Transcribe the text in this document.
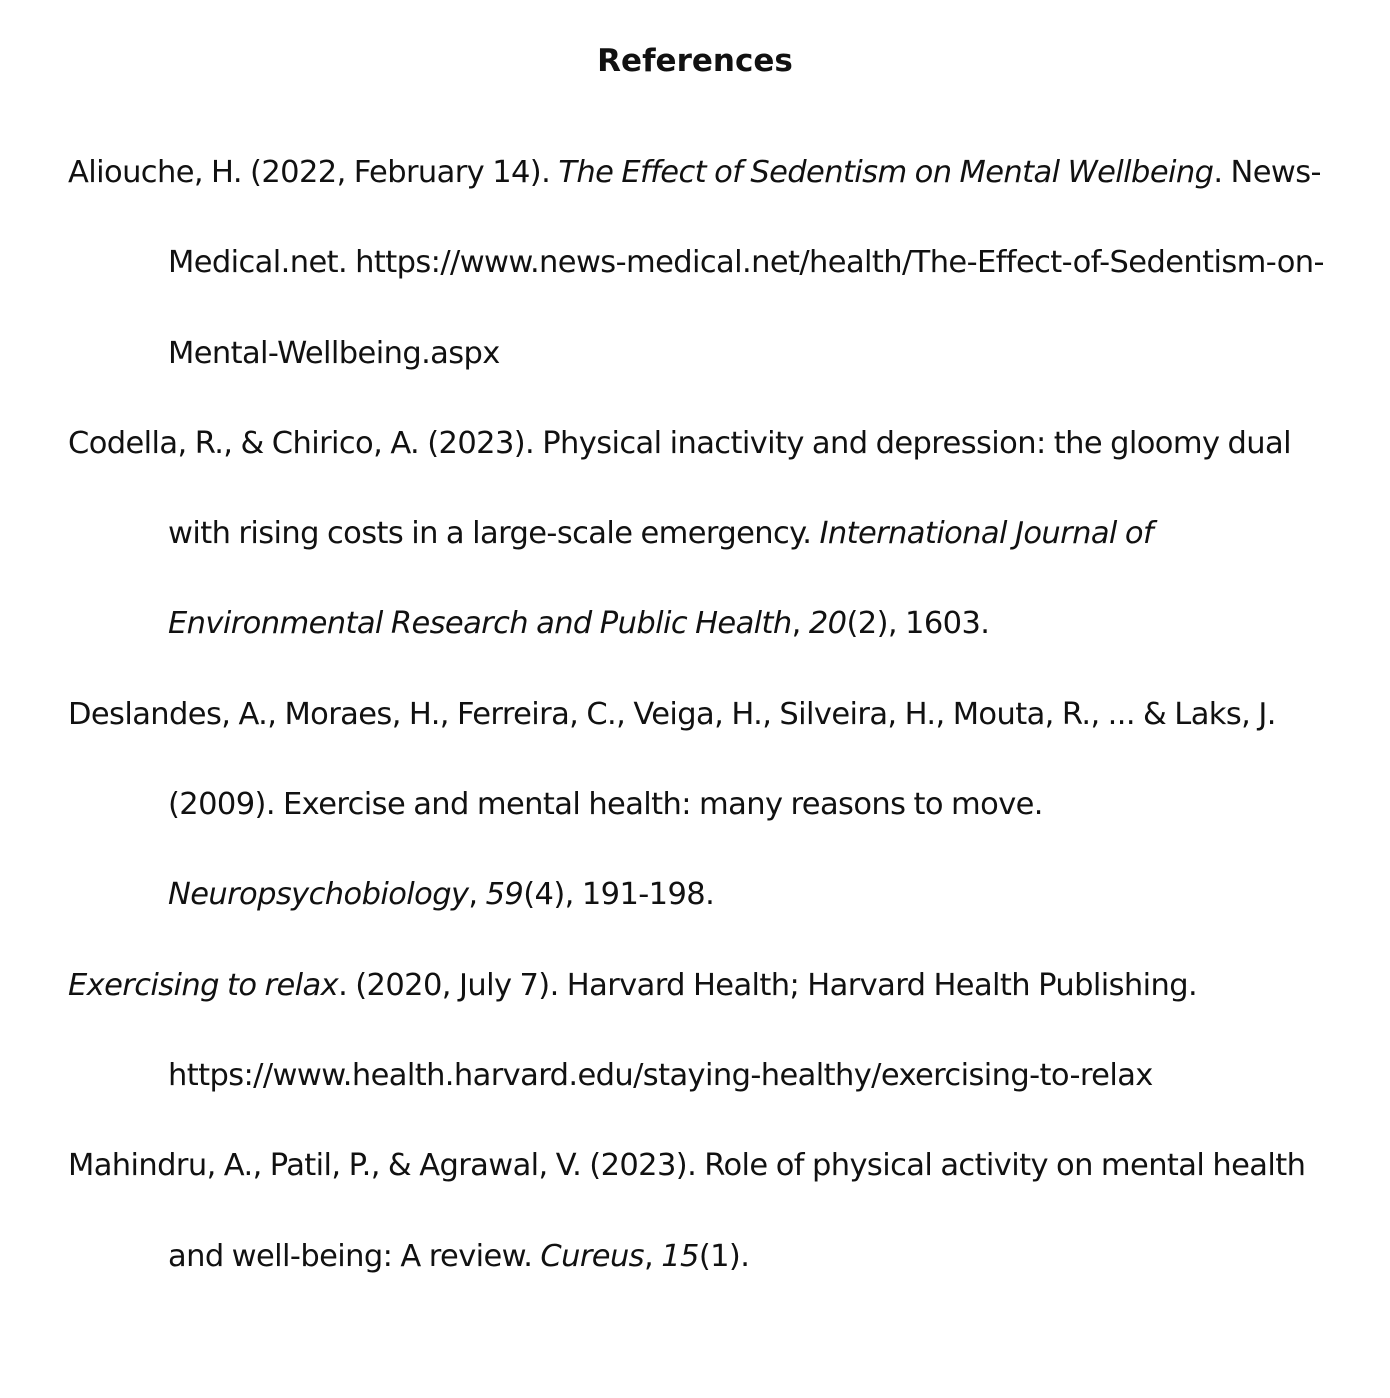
References

Aliouche, H. (2022, February 14). The Effect of Sedentism on Mental Wellbeing. News-Medical.net. https://www.news-medical.net/health/The-Effect-of-Sedentism-on-Mental-Wellbeing.aspx

Codella, R., & Chirico, A. (2023). Physical inactivity and depression: the gloomy dual with rising costs in a large-scale emergency. International Journal of Environmental Research and Public Health, 20(2), 1603.

Deslandes, A., Moraes, H., Ferreira, C., Veiga, H., Silveira, H., Mouta, R., ... & Laks, J. (2009). Exercise and mental health: many reasons to move. Neuropsychobiology, 59(4), 191-198.

Exercising to relax. (2020, July 7). Harvard Health; Harvard Health Publishing. https://www.health.harvard.edu/staying-healthy/exercising-to-relax

Mahindru, A., Patil, P., & Agrawal, V. (2023). Role of physical activity on mental health and well-being: A review. Cureus, 15(1).
